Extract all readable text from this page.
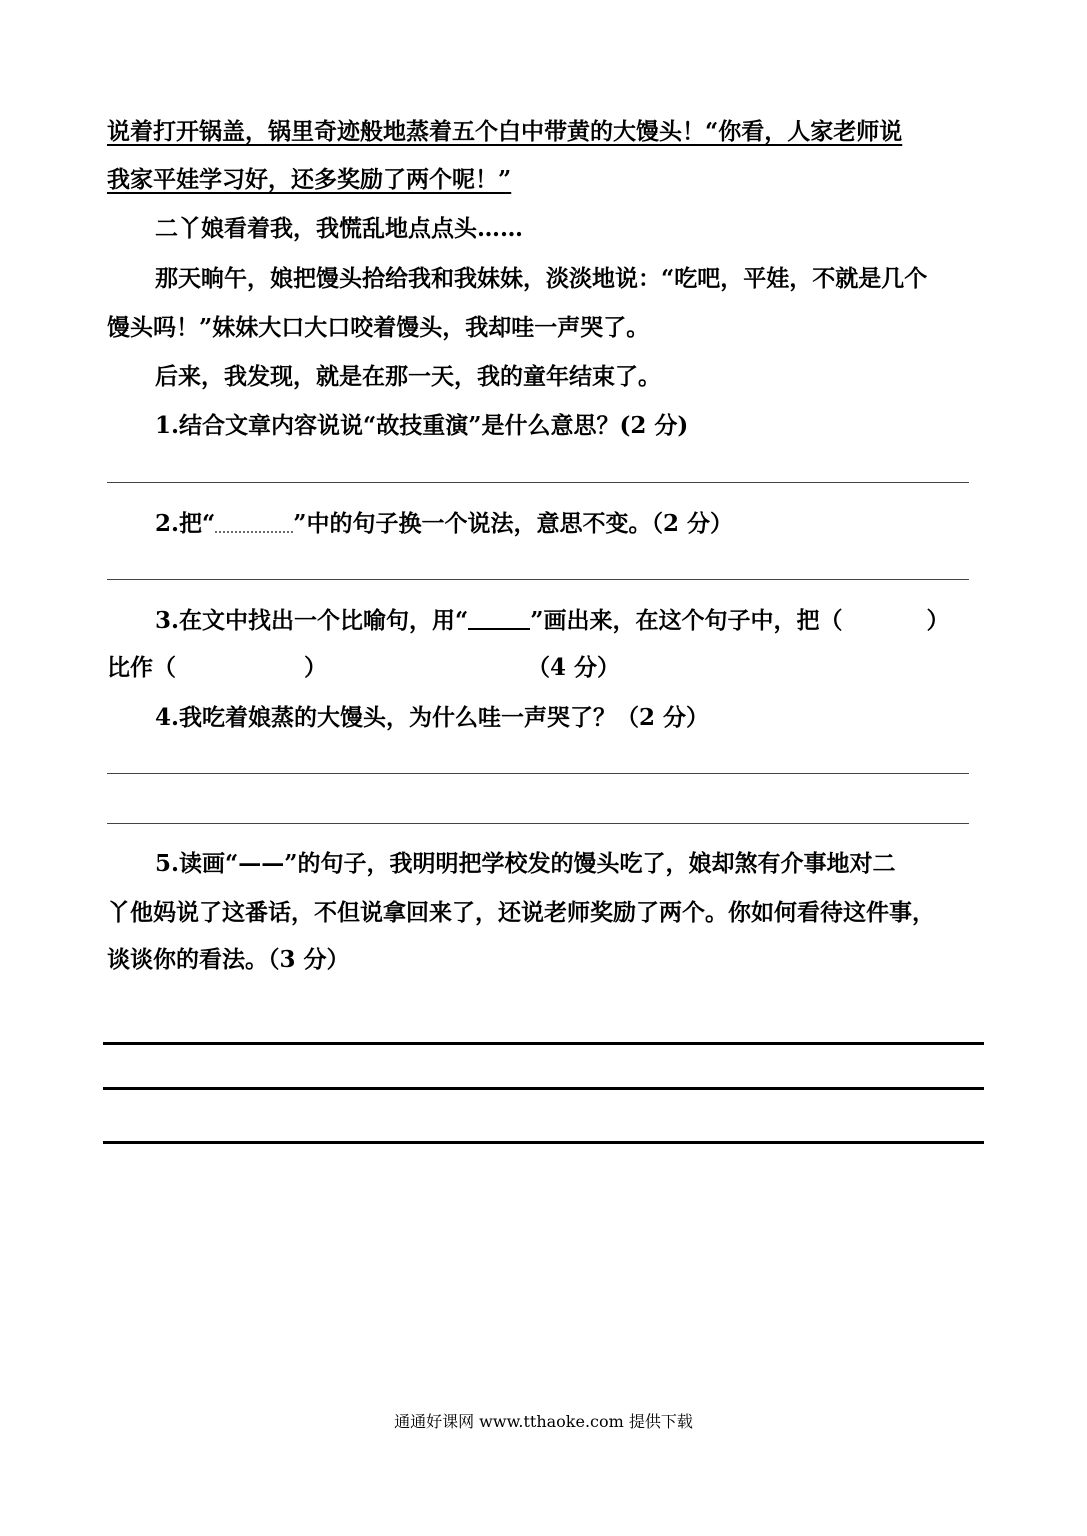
说着打开锅盖，锅里奇迹般地蒸着五个白中带黄的大馒头！“你看，人家老师说
我家平娃学习好，还多奖励了两个呢！”
二丫娘看着我，我慌乱地点点头……
那天晌午，娘把馒头拾给我和我妹妹，淡淡地说：“吃吧，平娃，不就是几个
馒头吗！”妹妹大口大口咬着馒头，我却哇一声哭了。
后来，我发现，就是在那一天，我的童年结束了。
1.结合文章内容说说“故技重演”是什么意思？(2 分)
2.把“	”中的句子换一个说法，意思不变。（2 分）
3.在文中找出一个比喻句，用“	”画出来，在这个句子中，把（	）
比作（	）	（4 分）
4.我吃着娘蒸的大馒头，为什么哇一声哭了？（2 分）
5.读画“——”的句子，我明明把学校发的馒头吃了，娘却煞有介事地对二
丫他妈说了这番话，不但说拿回来了，还说老师奖励了两个。你如何看待这件事，
谈谈你的看法。（3 分）
通通好课网 www.tthaoke.com 提供下载
